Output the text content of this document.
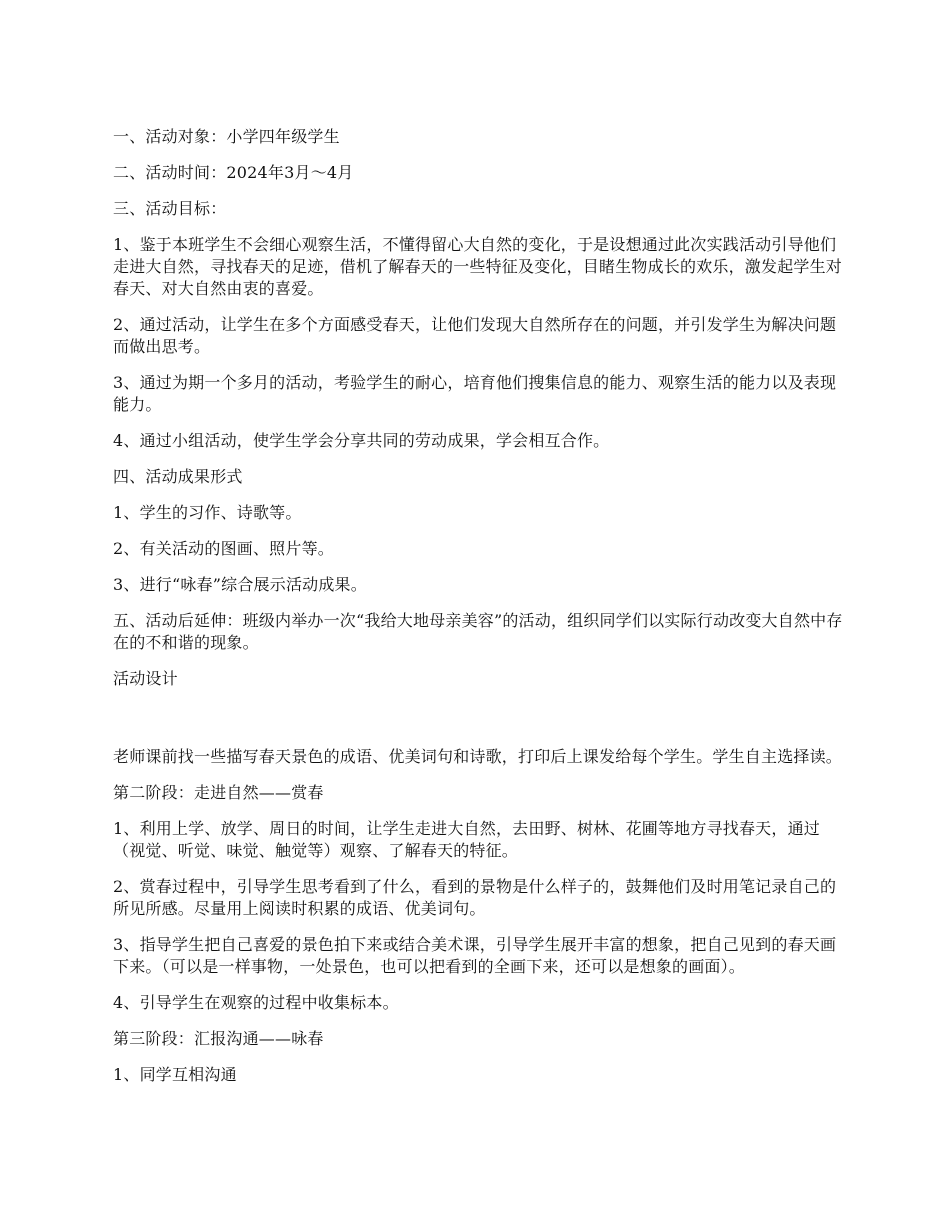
一、活动对象：小学四年级学生

二、活动时间：2024年3月～4月

三、活动目标：

1、鉴于本班学生不会细心观察生活，不懂得留心大自然的变化，于是设想通过此次实践活动引导他们走进大自然，寻找春天的足迹，借机了解春天的一些特征及变化，目睹生物成长的欢乐，激发起学生对春天、对大自然由衷的喜爱。

2、通过活动，让学生在多个方面感受春天，让他们发现大自然所存在的问题，并引发学生为解决问题而做出思考。

3、通过为期一个多月的活动，考验学生的耐心，培育他们搜集信息的能力、观察生活的能力以及表现能力。

4、通过小组活动，使学生学会分享共同的劳动成果，学会相互合作。

四、活动成果形式

1、学生的习作、诗歌等。

2、有关活动的图画、照片等。

3、进行“咏春”综合展示活动成果。

五、活动后延伸：班级内举办一次“我给大地母亲美容”的活动，组织同学们以实际行动改变大自然中存在的不和谐的现象。

活动设计

老师课前找一些描写春天景色的成语、优美词句和诗歌，打印后上课发给每个学生。学生自主选择读。

第二阶段：走进自然——赏春

1、利用上学、放学、周日的时间，让学生走进大自然，去田野、树林、花圃等地方寻找春天，通过（视觉、听觉、味觉、触觉等）观察、了解春天的特征。

2、赏春过程中，引导学生思考看到了什么，看到的景物是什么样子的，鼓舞他们及时用笔记录自己的所见所感。尽量用上阅读时积累的成语、优美词句。

3、指导学生把自己喜爱的景色拍下来或结合美术课，引导学生展开丰富的想象，把自己见到的春天画下来。（可以是一样事物，一处景色，也可以把看到的全画下来，还可以是想象的画面）。

4、引导学生在观察的过程中收集标本。

第三阶段：汇报沟通——咏春

1、同学互相沟通
